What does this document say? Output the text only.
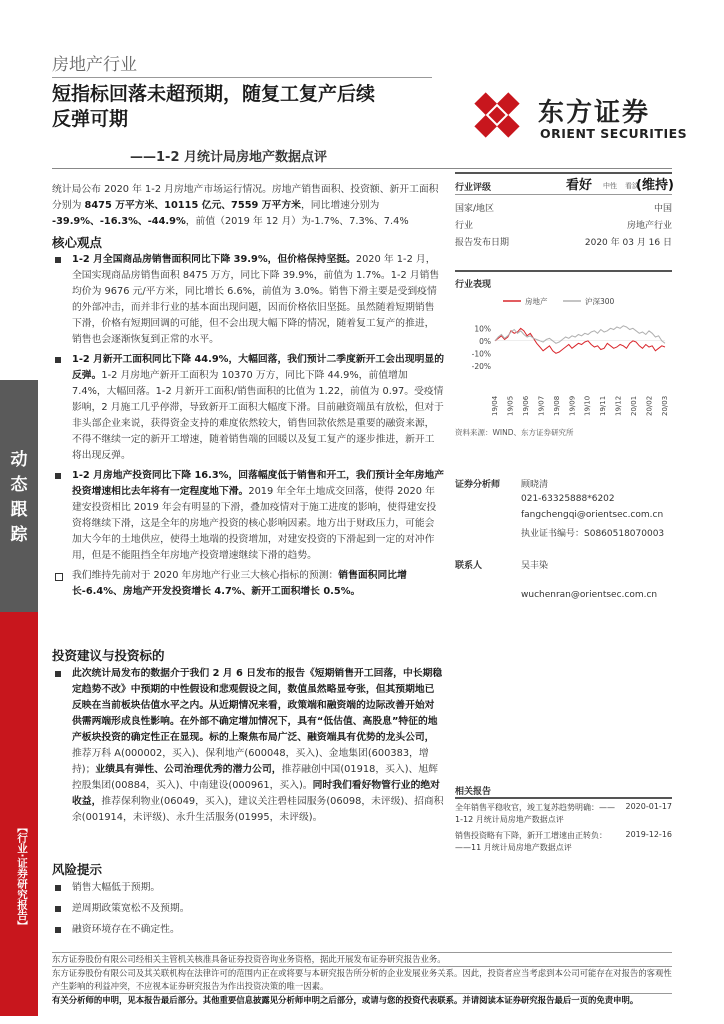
动
态
跟
踪
【行业·证券研究报告】
房地产行业
短指标回落未超预期，随复工复产后续
反弹可期
——1-2 月统计局房地产数据点评
东方证券
ORIENT SECURITIES
统计局公布 2020 年 1-2 月房地产市场运行情况。房地产销售面积、投资额、新开工面积分别为 8475 万平方米、10115 亿元、7559 万平方米，同比增速分别为 -39.9%、-16.3%、-44.9%，前值（2019 年 12 月）为-1.7%、7.3%、7.4%
核心观点
1-2 月全国商品房销售面积同比下降 39.9%，但价格保持坚挺。2020 年 1-2 月，全国实现商品房销售面积 8475 万方，同比下降 39.9%，前值为 1.7%。1-2 月销售均价为 9676 元/平方米，同比增长 6.6%，前值为 3.0%。销售下滑主要是受到疫情的外部冲击，而并非行业的基本面出现问题，因而价格依旧坚挺。虽然随着短期销售下滑，价格有短期回调的可能，但不会出现大幅下降的情况，随着复工复产的推进，销售也会逐渐恢复到正常的水平。
1-2 月新开工面积同比下降 44.9%，大幅回落，我们预计二季度新开工会出现明显的反弹。1-2 月房地产新开工面积为 10370 万方，同比下降 44.9%，前值增加 7.4%，大幅回落。1-2 月新开工面积/销售面积的比值为 1.22，前值为 0.97。受疫情影响，2 月施工几乎停滞，导致新开工面积大幅度下滑。目前融资端虽有放松，但对于非头部企业来说，获得资金支持的难度依然较大，销售回款依然是重要的融资来源，不得不继续一定的新开工增速，随着销售端的回暖以及复工复产的逐步推进，新开工将出现反弹。
1-2 月房地产投资同比下降 16.3%，回落幅度低于销售和开工，我们预计全年房地产投资增速相比去年将有一定程度地下滑。2019 年全年土地成交回落，使得 2020 年建安投资相比 2019 年会有明显的下滑，叠加疫情对于施工进度的影响，使得建安投资将继续下滑，这是全年的房地产投资的核心影响因素。地方出于财政压力，可能会加大今年的土地供应，使得土地端的投资增加，对建安投资的下滑起到一定的对冲作用，但是不能阻挡全年房地产投资增速继续下滑的趋势。
我们维持先前对于 2020 年房地产行业三大核心指标的预测：销售面积同比增长-6.4%、房地产开发投资增长 4.7%、新开工面积增长 0.5%。
投资建议与投资标的
此次统计局发布的数据介于我们 2 月 6 日发布的报告《短期销售开工回落，中长期稳定趋势不改》中预期的中性假设和悲观假设之间，数值虽然略显夸张，但其预期地已反映在当前板块估值水平之内。从近期情况来看，政策端和融资端的边际改善开始对供需两端形成良性影响。在外部不确定增加情况下，具有“低估值、高股息”特征的地产板块投资的确定性正在显现。标的上聚焦布局广泛、融资端具有优势的龙头公司，推荐万科 A(000002，买入)、保利地产(600048，买入)、金地集团(600383，增持)；业绩具有弹性、公司治理优秀的潜力公司，推荐融创中国(01918，买入)、旭辉控股集团(00884，买入)、中南建设(000961，买入)。同时我们看好物管行业的绝对收益，推荐保利物业(06049，买入)，建议关注碧桂园服务(06098，未评级)、招商积余(001914，未评级)、永升生活服务(01995，未评级)。
风险提示
销售大幅低于预期。
逆周期政策宽松不及预期。
融资环境存在不确定性。
行业评级	看好 中性 看淡
(维持)
国家/地区	中国
行业	房地产行业
报告发布日期	2020 年 03 月 16 日
行业表现
房地产	沪深300
10%
0%
-10%
-20%
19/04 19/05 19/06 19/07 19/08 19/09 19/10 19/11 19/12 20/01 20/02 20/03
资料来源：WIND、东方证券研究所
证券分析师 顾晓清
021-63325888*6202
fangchengqi@orientsec.com.cn
执业证书编号：S0860518070003
联系人	吴丰染
wuchenran@orientsec.com.cn
相关报告
全年销售平稳收官，竣工复苏趋势明确：——1-12 月统计局房地产数据点评
2020-01-17
销售投资略有下降，新开工增速由正转负：——11 月统计局房地产数据点评
2019-12-16
东方证券股份有限公司经相关主管机关核准具备证券投资咨询业务资格，据此开展发布证券研究报告业务。
东方证券股份有限公司及其关联机构在法律许可的范围内正在或将要与本研究报告所分析的企业发展业务关系。因此，投资者应当考虑到本公司可能存在对报告的客观性产生影响的利益冲突，不应视本证券研究报告为作出投资决策的唯一因素。
有关分析师的申明，见本报告最后部分。其他重要信息披露见分析师申明之后部分，或请与您的投资代表联系。并请阅读本证券研究报告最后一页的免责申明。
